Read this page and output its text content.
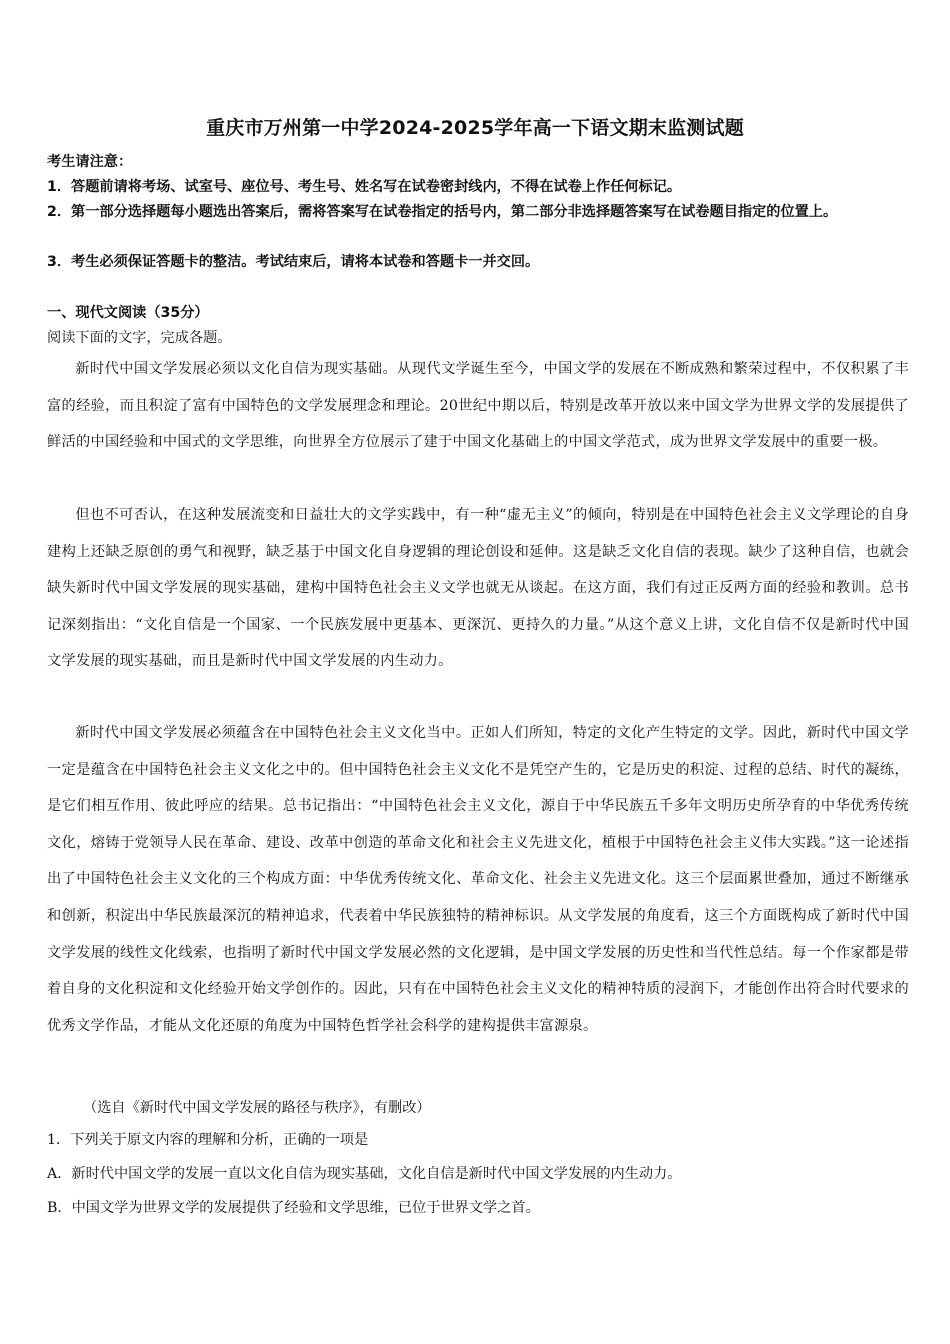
重庆市万州第一中学2024-2025学年高一下语文期末监测试题
考生请注意：
1．答题前请将考场、试室号、座位号、考生号、姓名写在试卷密封线内，不得在试卷上作任何标记。
2．第一部分选择题每小题选出答案后，需将答案写在试卷指定的括号内，第二部分非选择题答案写在试卷题目指定的位置上。
3．考生必须保证答题卡的整洁。考试结束后，请将本试卷和答题卡一并交回。
一、现代文阅读（35分）
阅读下面的文字，完成各题。
新时代中国文学发展必须以文化自信为现实基础。从现代文学诞生至今，中国文学的发展在不断成熟和繁荣过程中，不仅积累了丰富的经验，而且积淀了富有中国特色的文学发展理念和理论。20世纪中期以后，特别是改革开放以来中国文学为世界文学的发展提供了鲜活的中国经验和中国式的文学思维，向世界全方位展示了建于中国文化基础上的中国文学范式，成为世界文学发展中的重要一极。
但也不可否认，在这种发展流变和日益壮大的文学实践中，有一种“虚无主义”的倾向，特别是在中国特色社会主义文学理论的自身建构上还缺乏原创的勇气和视野，缺乏基于中国文化自身逻辑的理论创设和延伸。这是缺乏文化自信的表现。缺少了这种自信，也就会缺失新时代中国文学发展的现实基础，建构中国特色社会主义文学也就无从谈起。在这方面，我们有过正反两方面的经验和教训。总书记深刻指出：“文化自信是一个国家、一个民族发展中更基本、更深沉、更持久的力量。”从这个意义上讲，文化自信不仅是新时代中国文学发展的现实基础，而且是新时代中国文学发展的内生动力。
新时代中国文学发展必须蕴含在中国特色社会主义文化当中。正如人们所知，特定的文化产生特定的文学。因此，新时代中国文学一定是蕴含在中国特色社会主义文化之中的。但中国特色社会主义文化不是凭空产生的，它是历史的积淀、过程的总结、时代的凝练，是它们相互作用、彼此呼应的结果。总书记指出：“中国特色社会主义文化，源自于中华民族五千多年文明历史所孕育的中华优秀传统文化，熔铸于党领导人民在革命、建设、改革中创造的革命文化和社会主义先进文化，植根于中国特色社会主义伟大实践。”这一论述指出了中国特色社会主义文化的三个构成方面：中华优秀传统文化、革命文化、社会主义先进文化。这三个层面累世叠加，通过不断继承和创新，积淀出中华民族最深沉的精神追求，代表着中华民族独特的精神标识。从文学发展的角度看，这三个方面既构成了新时代中国文学发展的线性文化线索，也指明了新时代中国文学发展必然的文化逻辑，是中国文学发展的历史性和当代性总结。每一个作家都是带着自身的文化积淀和文化经验开始文学创作的。因此，只有在中国特色社会主义文化的精神特质的浸润下，才能创作出符合时代要求的优秀文学作品，才能从文化还原的角度为中国特色哲学社会科学的建构提供丰富源泉。
（选自《新时代中国文学发展的路径与秩序》，有删改）
1．下列关于原文内容的理解和分析，正确的一项是
A．新时代中国文学的发展一直以文化自信为现实基础，文化自信是新时代中国文学发展的内生动力。
B．中国文学为世界文学的发展提供了经验和文学思维，已位于世界文学之首。
